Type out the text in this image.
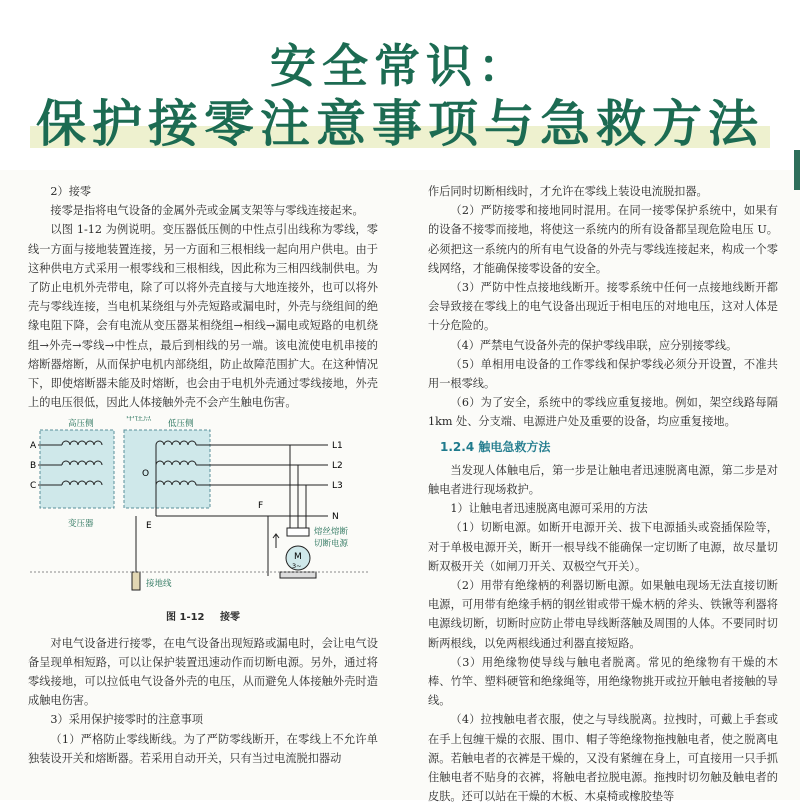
安全常识：
保护接零注意事项与急救方法

2）接零

接零是指将电气设备的金属外壳或金属支架等与零线连接起来。

以图 1-12 为例说明。变压器低压侧的中性点引出线称为零线，零线一方面与接地装置连接，另一方面和三根相线一起向用户供电。由于这种供电方式采用一根零线和三根相线，因此称为三相四线制供电。为了防止电机外壳带电，除了可以将外壳直接与大地连接外，也可以将外壳与零线连接，当电机某绕组与外壳短路或漏电时，外壳与绕组间的绝缘电阻下降，会有电流从变压器某相绕组→相线→漏电或短路的电机绕组→外壳→零线→中性点，最后到相线的另一端。该电流使电机串接的熔断器熔断，从而保护电机内部绕组，防止故障范围扩大。在这种情况下，即使熔断器未能及时熔断，也会由于电机外壳通过零线接地，外壳上的电压很低，因此人体接触外壳不会产生触电伤害。

高压侧
中性点
低压侧
A
B
C
O
L1
L2
L3
N
变压器	E
接地线
F
M
3~
熔丝熔断
切断电源
图 1-12 接零

对电气设备进行接零，在电气设备出现短路或漏电时，会让电气设备呈现单相短路，可以让保护装置迅速动作而切断电源。另外，通过将零线接地，可以拉低电气设备外壳的电压，从而避免人体接触外壳时造成触电伤害。

3）采用保护接零时的注意事项

（1）严格防止零线断线。为了严防零线断开，在零线上不允许单独装设开关和熔断器。若采用自动开关，只有当过电流脱扣器动

作后同时切断相线时，才允许在零线上装设电流脱扣器。

（2）严防接零和接地同时混用。在同一接零保护系统中，如果有的设备不接零而接地，将使这一系统内的所有设备都呈现危险电压 U。必须把这一系统内的所有电气设备的外壳与零线连接起来，构成一个零线网络，才能确保接零设备的安全。

（3）严防中性点接地线断开。接零系统中任何一点接地线断开都会导致接在零线上的电气设备出现近于相电压的对地电压，这对人体是十分危险的。

（4）严禁电气设备外壳的保护零线串联，应分别接零线。

（5）单相用电设备的工作零线和保护零线必须分开设置，不准共用一根零线。

（6）为了安全，系统中的零线应重复接地。例如，架空线路每隔 1km 处、分支端、电源进户处及重要的设备，均应重复接地。

1.2.4 触电急救方法

当发现人体触电后，第一步是让触电者迅速脱离电源，第二步是对触电者进行现场救护。

1）让触电者迅速脱离电源可采用的方法

（1）切断电源。如断开电源开关、拔下电源插头或瓷插保险等，对于单极电源开关，断开一根导线不能确保一定切断了电源，故尽量切断双极开关（如闸刀开关、双极空气开关）。

（2）用带有绝缘柄的利器切断电源。如果触电现场无法直接切断电源，可用带有绝缘手柄的钢丝钳或带干燥木柄的斧头、铁锹等利器将电源线切断，切断时应防止带电导线断落触及周围的人体。不要同时切断两根线，以免两根线通过利器直接短路。

（3）用绝缘物使导线与触电者脱离。常见的绝缘物有干燥的木棒、竹竿、塑料硬管和绝缘绳等，用绝缘物挑开或拉开触电者接触的导线。

（4）拉拽触电者衣服，使之与导线脱离。拉拽时，可戴上手套或在手上包缠干燥的衣服、围巾、帽子等绝缘物拖拽触电者，使之脱离电源。若触电者的衣裤是干燥的，又没有紧缠在身上，可直接用一只手抓住触电者不贴身的衣裤，将触电者拉脱电源。拖拽时切勿触及触电者的皮肤。还可以站在干燥的木板、木桌椅或橡胶垫等
